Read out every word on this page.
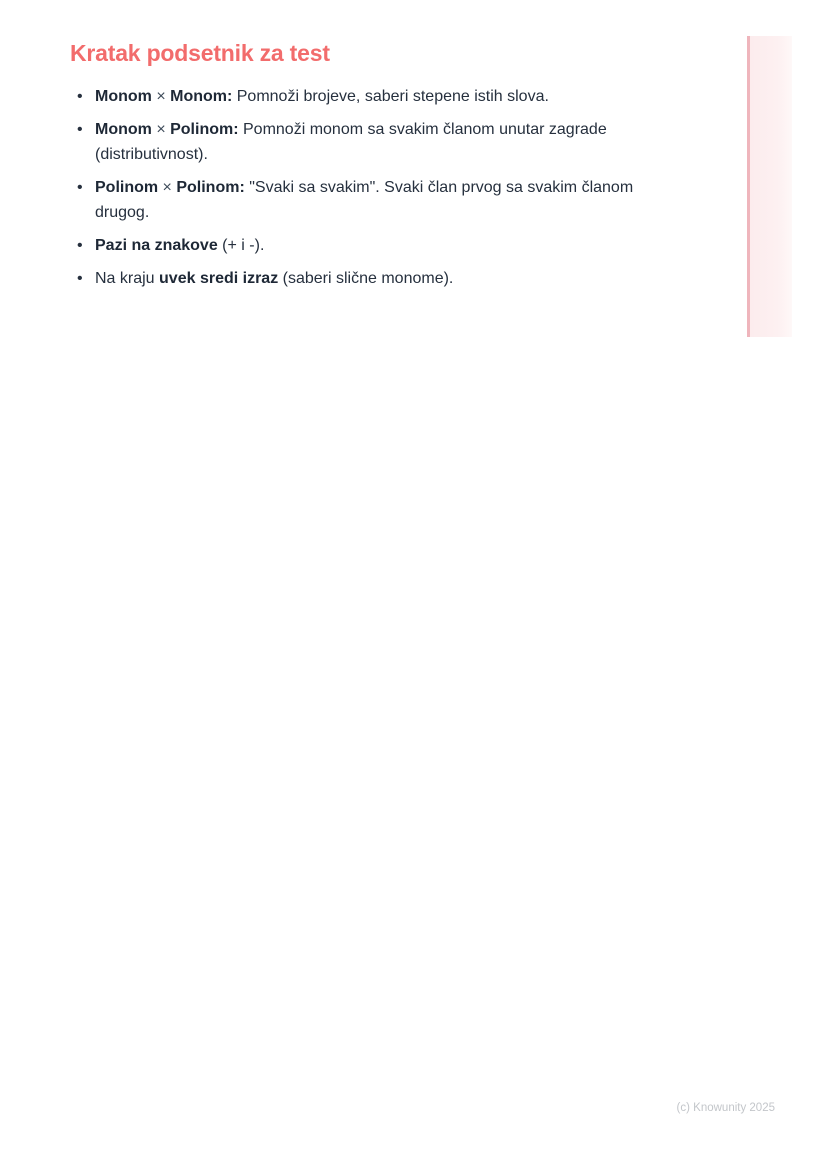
Kratak podsetnik za test
• Monom × Monom: Pomnoži brojeve, saberi stepene istih slova.
• Monom × Polinom: Pomnoži monom sa svakim članom unutar zagrade (distributivnost).
• Polinom × Polinom: "Svaki sa svakim". Svaki član prvog sa svakim članom drugog.
• Pazi na znakove (+ i -).
• Na kraju uvek sredi izraz (saberi slične monome).
(c) Knowunity 2025
